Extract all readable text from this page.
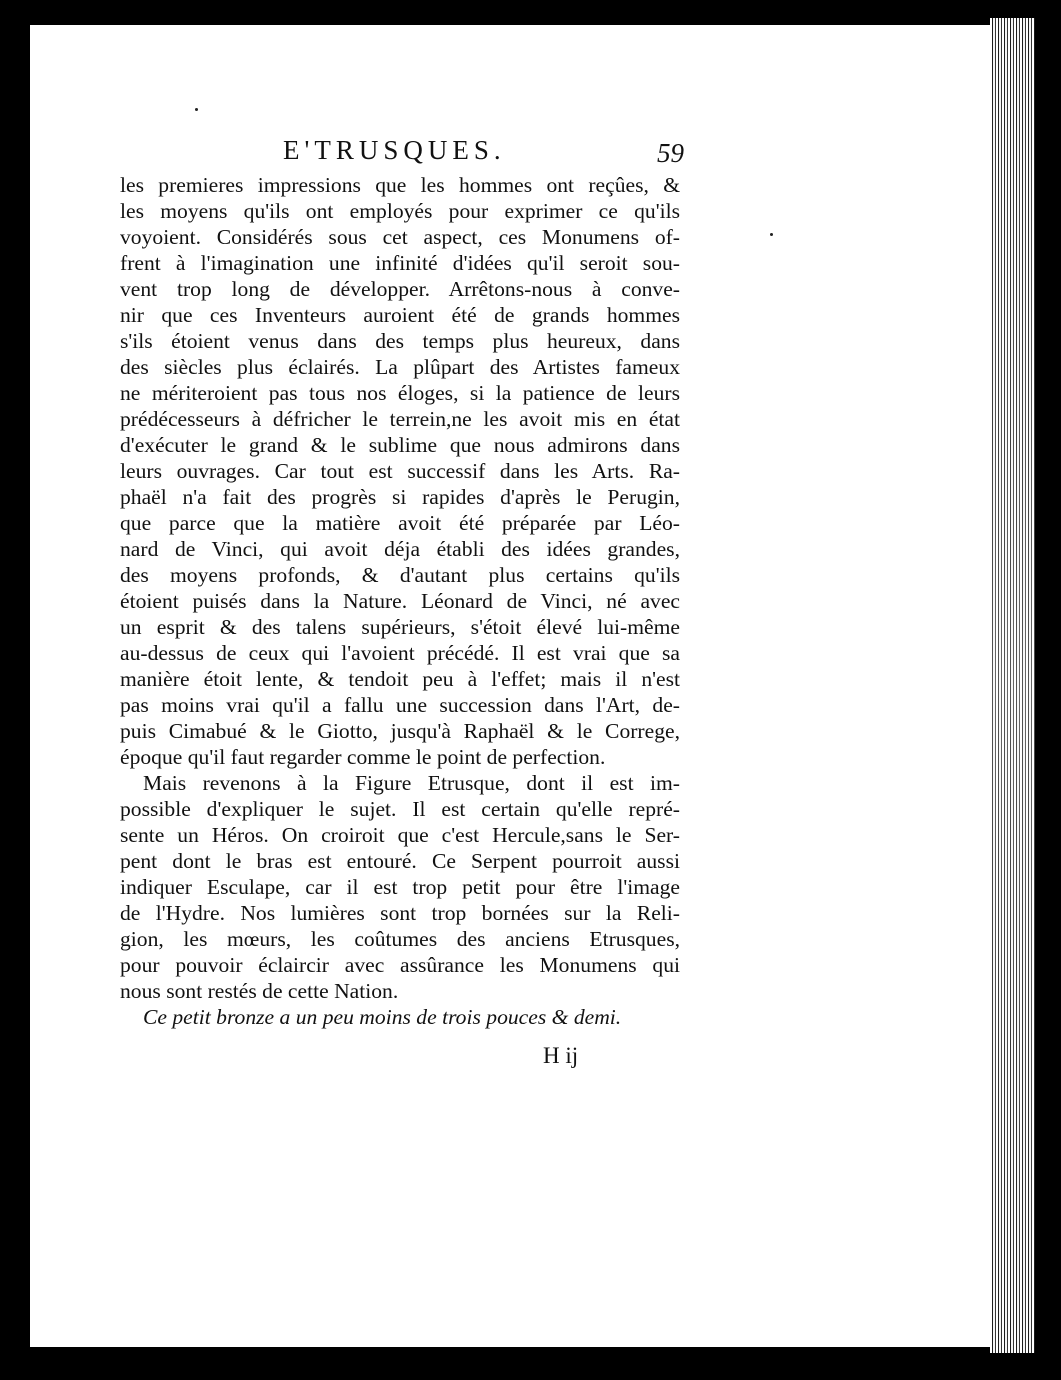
E'TRUSQUES.	59
les premieres impressions que les hommes ont reçûes, &
les moyens qu'ils ont employés pour exprimer ce qu'ils
voyoient. Considérés sous cet aspect, ces Monumens of-
frent à l'imagination une infinité d'idées qu'il seroit sou-
vent trop long de développer. Arrêtons-nous à conve-
nir que ces Inventeurs auroient été de grands hommes
s'ils étoient venus dans des temps plus heureux, dans
des siècles plus éclairés. La plûpart des Artistes fameux
ne mériteroient pas tous nos éloges, si la patience de leurs
prédécesseurs à défricher le terrein,ne les avoit mis en état
d'exécuter le grand & le sublime que nous admirons dans
leurs ouvrages. Car tout est successif dans les Arts. Ra-
phaël n'a fait des progrès si rapides d'après le Perugin,
que parce que la matière avoit été préparée par Léo-
nard de Vinci, qui avoit déja établi des idées grandes,
des moyens profonds, & d'autant plus certains qu'ils
étoient puisés dans la Nature. Léonard de Vinci, né avec
un esprit & des talens supérieurs, s'étoit élevé lui-même
au-dessus de ceux qui l'avoient précédé. Il est vrai que sa
manière étoit lente, & tendoit peu à l'effet; mais il n'est
pas moins vrai qu'il a fallu une succession dans l'Art, de-
puis Cimabué & le Giotto, jusqu'à Raphaël & le Correge,
époque qu'il faut regarder comme le point de perfection.
Mais revenons à la Figure Etrusque, dont il est im-
possible d'expliquer le sujet. Il est certain qu'elle repré-
sente un Héros. On croiroit que c'est Hercule,sans le Ser-
pent dont le bras est entouré. Ce Serpent pourroit aussi
indiquer Esculape, car il est trop petit pour être l'image
de l'Hydre. Nos lumières sont trop bornées sur la Reli-
gion, les mœurs, les coûtumes des anciens Etrusques,
pour pouvoir éclaircir avec assûrance les Monumens qui
nous sont restés de cette Nation.
Ce petit bronze a un peu moins de trois pouces & demi.
H ij
